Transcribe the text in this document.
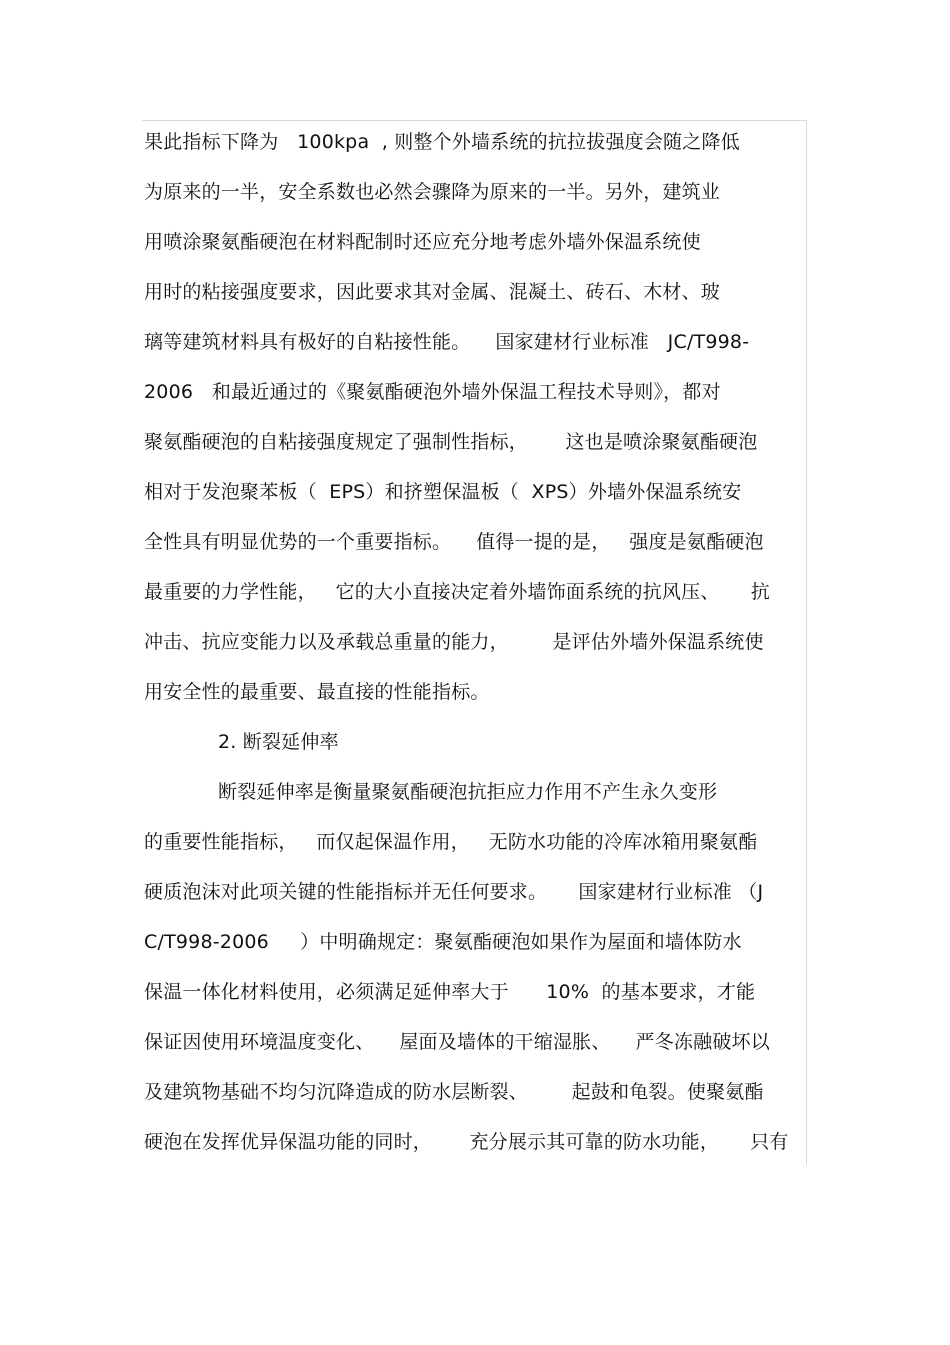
果此指标下降为   100kpa  , 则整个外墙系统的抗拉拔强度会随之降低
为原来的一半，安全系数也必然会骤降为原来的一半。另外，建筑业
用喷涂聚氨酯硬泡在材料配制时还应充分地考虑外墙外保温系统使
用时的粘接强度要求，因此要求其对金属、混凝土、砖石、木材、玻
璃等建筑材料具有极好的自粘接性能。    国家建材行业标准   JC/T998-
2006   和最近通过的《聚氨酯硬泡外墙外保温工程技术导则》，都对
聚氨酯硬泡的自粘接强度规定了强制性指标，      这也是喷涂聚氨酯硬泡
相对于发泡聚苯板（  EPS）和挤塑保温板（  XPS）外墙外保温系统安
全性具有明显优势的一个重要指标。    值得一提的是，   强度是氨酯硬泡
最重要的力学性能，   它的大小直接决定着外墙饰面系统的抗风压、     抗
冲击、抗应变能力以及承载总重量的能力，       是评估外墙外保温系统使
用安全性的最重要、最直接的性能指标。
2. 断裂延伸率
断裂延伸率是衡量聚氨酯硬泡抗拒应力作用不产生永久变形
的重要性能指标，   而仅起保温作用，   无防水功能的冷库冰箱用聚氨酯
硬质泡沫对此项关键的性能指标并无任何要求。     国家建材行业标准 （J
C/T998-2006     ）中明确规定：聚氨酯硬泡如果作为屋面和墙体防水
保温一体化材料使用，必须满足延伸率大于      10%  的基本要求，才能
保证因使用环境温度变化、    屋面及墙体的干缩湿胀、    严冬冻融破坏以
及建筑物基础不均匀沉降造成的防水层断裂、       起鼓和龟裂。使聚氨酯
硬泡在发挥优异保温功能的同时，      充分展示其可靠的防水功能，     只有
